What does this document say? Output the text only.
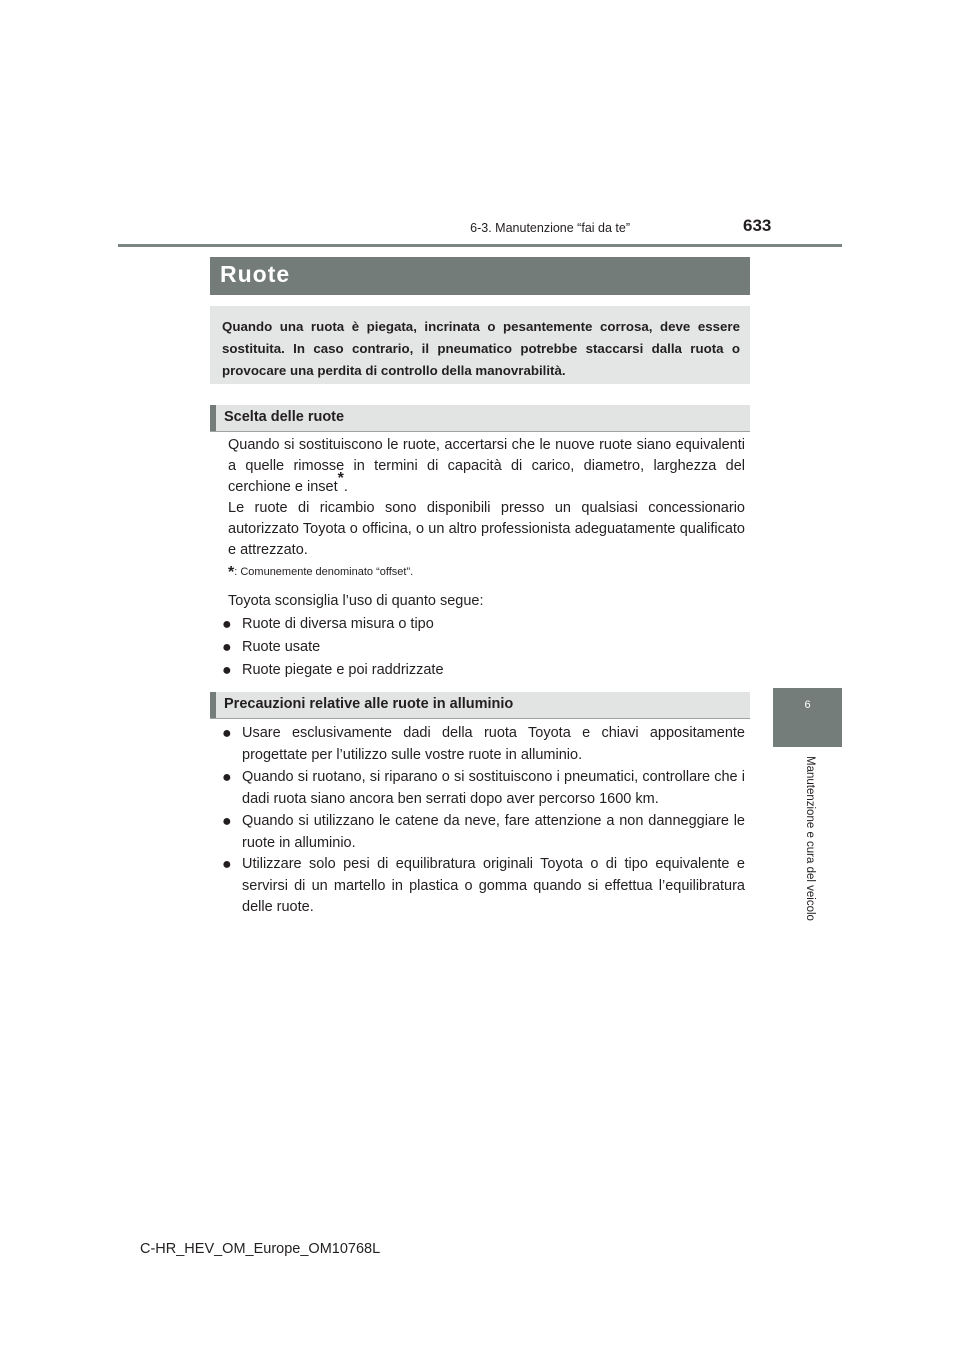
6-3. Manutenzione “fai da te”	633
6
Manutenzione e cura del veicolo
Ruote

Quando una ruota è piegata, incrinata o pesantemente corrosa, deve essere sostituita. In caso contrario, il pneumatico potrebbe staccarsi dalla ruota o provocare una perdita di controllo della manovrabilità.

Scelta delle ruote

Quando si sostituiscono le ruote, accertarsi che le nuove ruote siano equivalenti a quelle rimosse in termini di capacità di carico, diametro, larghezza del cerchione e inset*.

Le ruote di ricambio sono disponibili presso un qualsiasi concessionario autorizzato Toyota o officina, o un altro professionista adeguatamente qualificato e attrezzato.

*: Comunemente denominato “offset”.
Toyota sconsiglia l’uso di quanto segue:
● Ruote di diversa misura o tipo
● Ruote usate
● Ruote piegate e poi raddrizzate
Precauzioni relative alle ruote in alluminio
● Usare esclusivamente dadi della ruota Toyota e chiavi appositamente progettate per l’utilizzo sulle vostre ruote in alluminio.
● Quando si ruotano, si riparano o si sostituiscono i pneumatici, controllare che i dadi ruota siano ancora ben serrati dopo aver percorso 1600 km.
● Quando si utilizzano le catene da neve, fare attenzione a non danneggiare le ruote in alluminio.
● Utilizzare solo pesi di equilibratura originali Toyota o di tipo equivalente e servirsi di un martello in plastica o gomma quando si effettua l’equilibratura delle ruote.
C-HR_HEV_OM_Europe_OM10768L
